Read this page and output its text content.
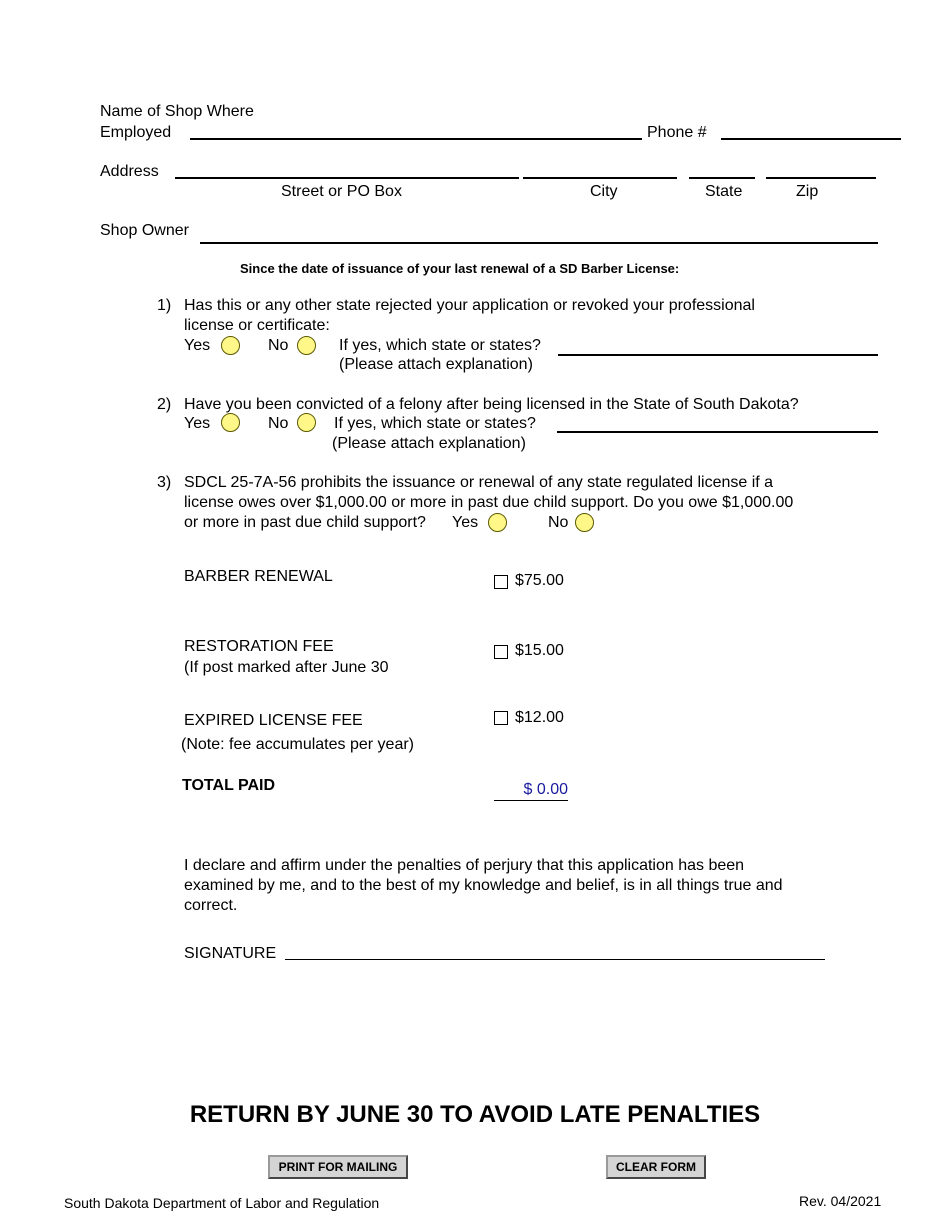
Name of Shop Where
Employed	Phone #
Address
Street or PO Box	City	State	Zip
Shop Owner
Since the date of issuance of your last renewal of a SD Barber License:
1) Has this or any other state rejected your application or revoked your professional
license or certificate:
Yes	No	If yes, which state or states?
(Please attach explanation)
2) Have you been convicted of a felony after being licensed in the State of South Dakota?
Yes	No	If yes, which state or states?
(Please attach explanation)
3) SDCL 25-7A-56 prohibits the issuance or renewal of any state regulated license if a
license owes over $1,000.00 or more in past due child support. Do you owe $1,000.00
or more in past due child support? Yes	No
BARBER RENEWAL	$75.00
RESTORATION FEE
(If post marked after June 30
$15.00
EXPIRED LICENSE FEE
(Note: fee accumulates per year)
$12.00
TOTAL PAID	$ 0.00
I declare and affirm under the penalties of perjury that this application has been
examined by me, and to the best of my knowledge and belief, is in all things true and
correct.
SIGNATURE
RETURN BY JUNE 30 TO AVOID LATE PENALTIES
PRINT FOR MAILING	CLEAR FORM
South Dakota Department of Labor and Regulation	Rev. 04/2021
